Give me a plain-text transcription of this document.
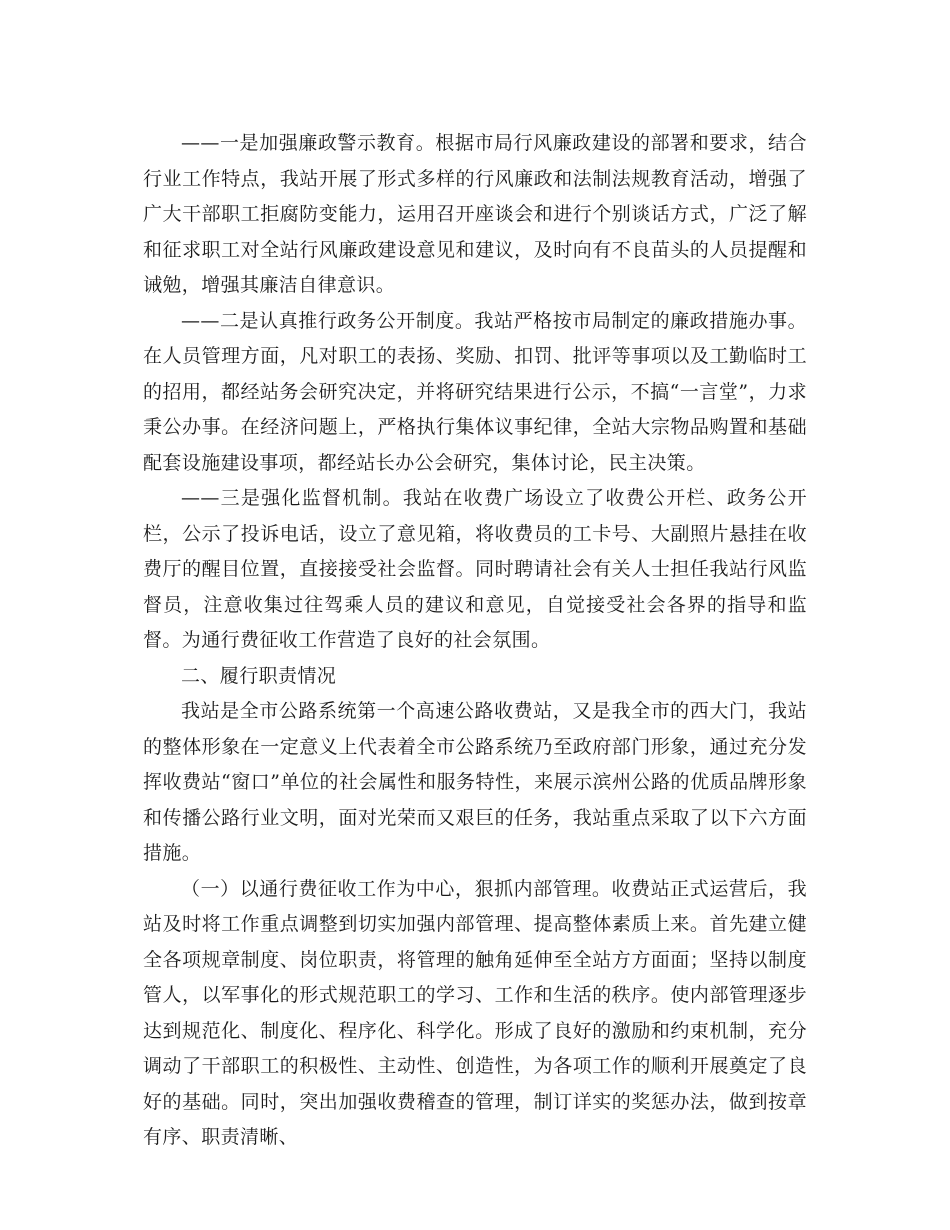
——一是加强廉政警示教育。根据市局行风廉政建设的部署和要求，结合行业工作特点，我站开展了形式多样的行风廉政和法制法规教育活动，增强了广大干部职工拒腐防变能力，运用召开座谈会和进行个别谈话方式，广泛了解和征求职工对全站行风廉政建设意见和建议，及时向有不良苗头的人员提醒和诫勉，增强其廉洁自律意识。

——二是认真推行政务公开制度。我站严格按市局制定的廉政措施办事。在人员管理方面，凡对职工的表扬、奖励、扣罚、批评等事项以及工勤临时工的招用，都经站务会研究决定，并将研究结果进行公示，不搞“一言堂”，力求秉公办事。在经济问题上，严格执行集体议事纪律，全站大宗物品购置和基础配套设施建设事项，都经站长办公会研究，集体讨论，民主决策。

——三是强化监督机制。我站在收费广场设立了收费公开栏、政务公开栏，公示了投诉电话，设立了意见箱，将收费员的工卡号、大副照片悬挂在收费厅的醒目位置，直接接受社会监督。同时聘请社会有关人士担任我站行风监督员，注意收集过往驾乘人员的建议和意见，自觉接受社会各界的指导和监督。为通行费征收工作营造了良好的社会氛围。

二、履行职责情况

我站是全市公路系统第一个高速公路收费站，又是我全市的西大门，我站的整体形象在一定意义上代表着全市公路系统乃至政府部门形象，通过充分发挥收费站“窗口”单位的社会属性和服务特性，来展示滨州公路的优质品牌形象和传播公路行业文明，面对光荣而又艰巨的任务，我站重点采取了以下六方面措施。

（一）以通行费征收工作为中心，狠抓内部管理。收费站正式运营后，我站及时将工作重点调整到切实加强内部管理、提高整体素质上来。首先建立健全各项规章制度、岗位职责，将管理的触角延伸至全站方方面面；坚持以制度管人，以军事化的形式规范职工的学习、工作和生活的秩序。使内部管理逐步达到规范化、制度化、程序化、科学化。形成了良好的激励和约束机制，充分调动了干部职工的积极性、主动性、创造性，为各项工作的顺利开展奠定了良好的基础。同时，突出加强收费稽查的管理，制订详实的奖惩办法，做到按章有序、职责清晰、
